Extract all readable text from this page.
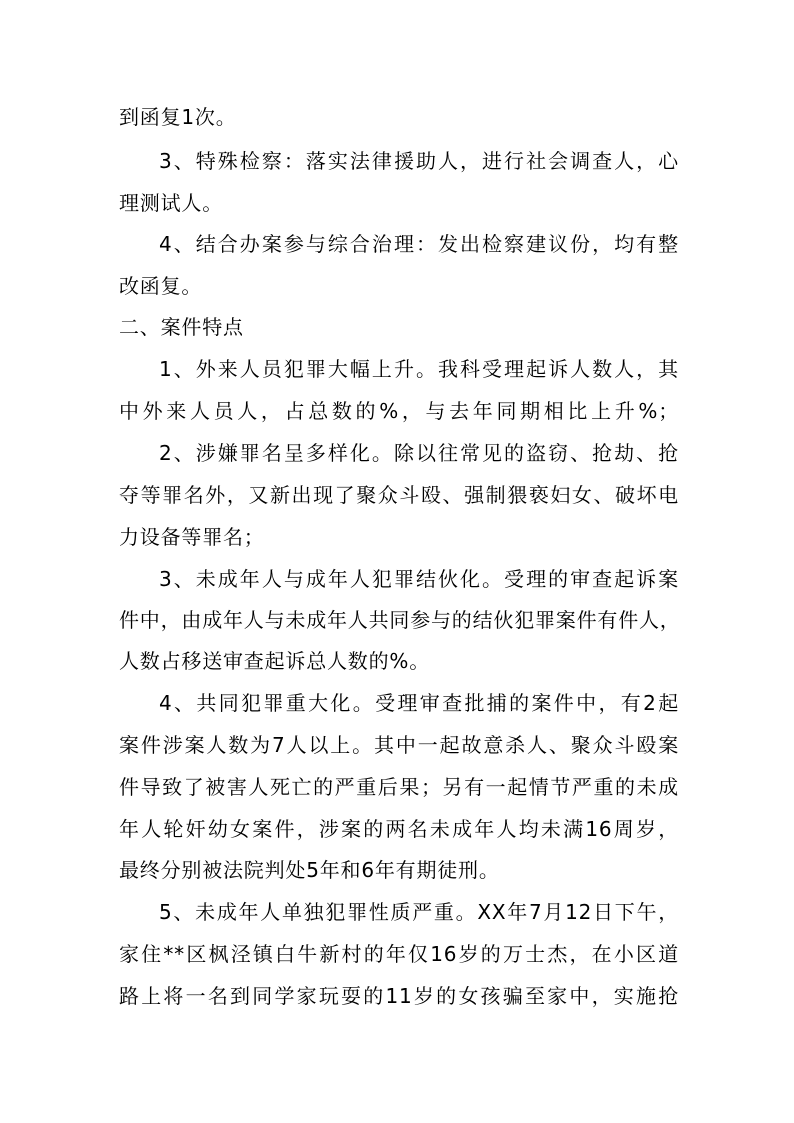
到函复1次。
3、特殊检察：落实法律援助人，进行社会调查人，心
理测试人。
4、结合办案参与综合治理：发出检察建议份，均有整
改函复。
二、案件特点
1、外来人员犯罪大幅上升。我科受理起诉人数人，其
中外来人员人，占总数的%，与去年同期相比上升%；
2、涉嫌罪名呈多样化。除以往常见的盗窃、抢劫、抢
夺等罪名外，又新出现了聚众斗殴、强制猥亵妇女、破坏电
力设备等罪名；
3、未成年人与成年人犯罪结伙化。受理的审查起诉案
件中，由成年人与未成年人共同参与的结伙犯罪案件有件人，
人数占移送审查起诉总人数的%。
4、共同犯罪重大化。受理审查批捕的案件中，有2起
案件涉案人数为7人以上。其中一起故意杀人、聚众斗殴案
件导致了被害人死亡的严重后果；另有一起情节严重的未成
年人轮奸幼女案件，涉案的两名未成年人均未满16周岁，
最终分别被法院判处5年和6年有期徒刑。
5、未成年人单独犯罪性质严重。XX年7月12日下午，
家住**区枫泾镇白牛新村的年仅16岁的万士杰，在小区道
路上将一名到同学家玩耍的11岁的女孩骗至家中，实施抢
